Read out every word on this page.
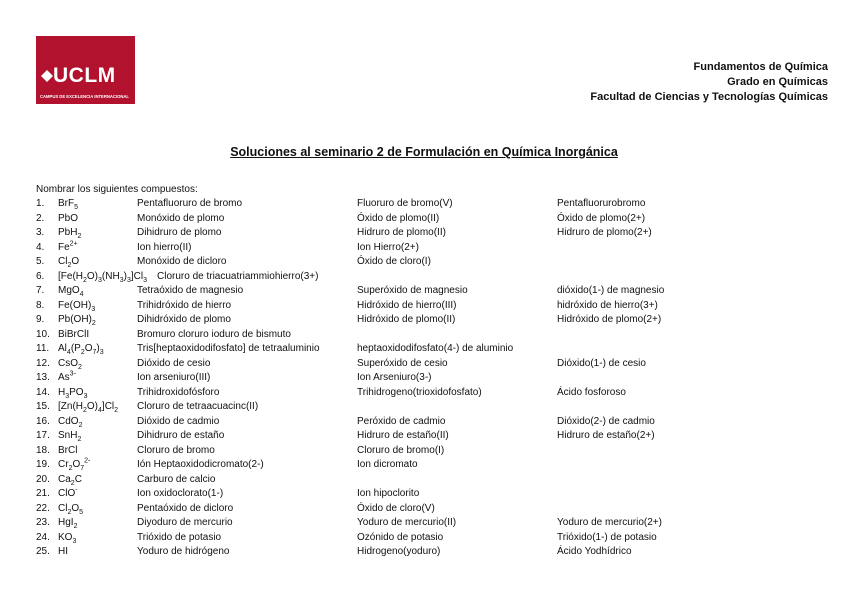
UCLM
CAMPUS DE EXCELENCIA INTERNACIONAL
Fundamentos de Química
Grado en Químicas
Facultad de Ciencias y Tecnologías Químicas
Soluciones al seminario 2 de Formulación en Química Inorgánica
Nombrar los siguientes compuestos:
1. BrF$_5$	Pentafluoruro de bromo	Fluoruro de bromo(V)	Pentafluorurobromo
2. PbO	Monóxido de plomo	Óxido de plomo(II)	Óxido de plomo(2+)
3. PbH$_2$	Dihidruro de plomo	Hidruro de plomo(II)	Hidruro de plomo(2+)
4. $Fe^{2+}$	Ion hierro(II)	Ion Hierro(2+)
5. $Cl_2O$	Monóxido de dicloro	Óxido de cloro(I)
6. $[Fe(H_2O)_3(NH_3)_3]Cl_3$ Cloruro de triacuatriammiohierro(3+)
7. MgO$_4$	Tetraóxido de magnesio	Superóxido de magnesio	dióxido(1-) de magnesio
8. $Fe(OH)_3$	Trihidróxido de hierro	Hidróxido de hierro(III)	hidróxido de hierro(3+)
9. $Pb(OH)_2$	Dihidróxido de plomo	Hidróxido de plomo(II)	Hidróxido de plomo(2+)
10. BiBrClI	Bromuro cloruro ioduro de bismuto
11. $Al_4(P_2O_7)_3$	Tris[heptaoxidodifosfato] de tetraaluminio	heptaoxidodifosfato(4-) de aluminio
12. CsO$_2$	Dióxido de cesio	Superóxido de cesio	Dióxido(1-) de cesio
13. $As^{3-}$	Ion arseniuro(III)	Ion Arseniuro(3-)
14. $H_3PO_3$	Trihidroxidofósforo	Trihidrogeno(trioxidofosfato)	Ácido fosforoso
15. $[Zn(H_2O)_4]Cl_2$ Cloruro de tetraacuacinc(II)
16. CdO$_2$	Dióxido de cadmio	Peróxido de cadmio	Dióxido(2-) de cadmio
17. SnH$_2$	Dihidruro de estaño	Hidruro de estaño(II)	Hidruro de estaño(2+)
18. BrCl	Cloruro de bromo	Cloruro de bromo(I)
19. $Cr_2O_7^{2-}$	Ión Heptaoxidodicromato(2-)	Ion dicromato
20. $Ca_2C$	Carburo de calcio
21. ClO-	Ion oxidoclorato(1-)	Ion hipoclorito
22. $Cl_2O_5$	Pentaóxido de dicloro	Óxido de cloro(V)
23. HgI$_2$	Diyoduro de mercurio	Yoduro de mercurio(II)	Yoduro de mercurio(2+)
24. $KO_3$	Trióxido de potasio	Ozónido de potasio	Trióxido(1-) de potasio
25. HI	Yoduro de hidrógeno	Hidrogeno(yoduro)	Ácido Yodhídrico
